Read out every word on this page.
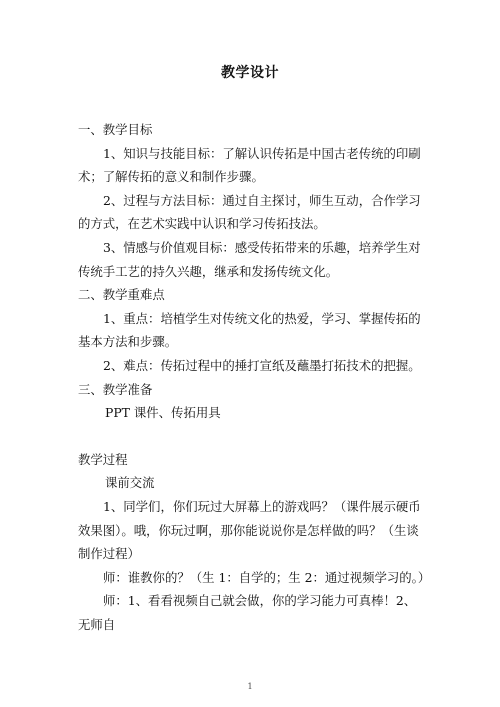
教学设计

一、教学目标

1、知识与技能目标：了解认识传拓是中国古老传统的印刷术；了解传拓的意义和制作步骤。

2、过程与方法目标：通过自主探讨，师生互动，合作学习的方式，在艺术实践中认识和学习传拓技法。

3、情感与价值观目标：感受传拓带来的乐趣，培养学生对传统手工艺的持久兴趣，继承和发扬传统文化。

二、教学重难点

1、重点：培植学生对传统文化的热爱，学习、掌握传拓的基本方法和步骤。

2、难点：传拓过程中的捶打宣纸及蘸墨打拓技术的把握。

三、教学准备

PPT 课件、传拓用具

教学过程

课前交流

1、同学们，你们玩过大屏幕上的游戏吗？（课件展示硬币效果图）。哦，你玩过啊，那你能说说你是怎样做的吗？（生谈制作过程）

师：谁教你的？（生 1：自学的；生 2：通过视频学习的。）

师：1、看看视频自己就会做，你的学习能力可真棒！2、无师自

1
